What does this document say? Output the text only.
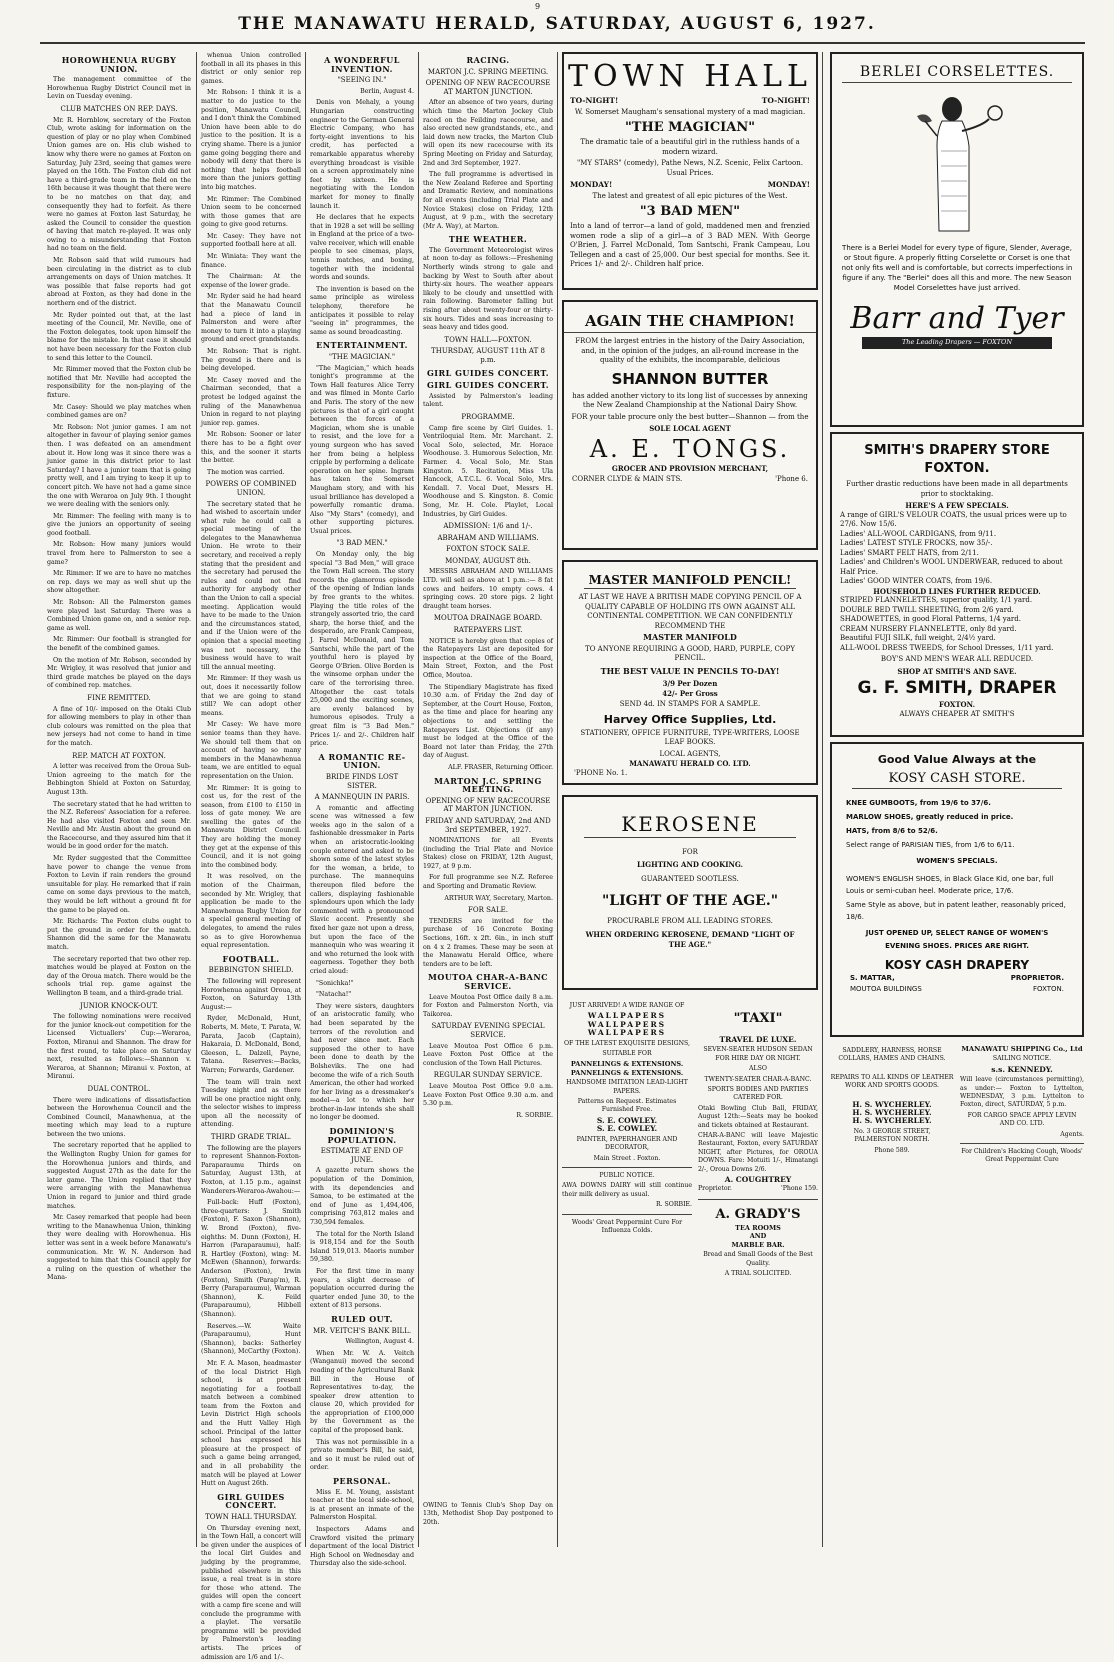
THE MANAWATU HERALD, SATURDAY, AUGUST 6, 1927.
9
HOROWHENUA RUGBY UNION.

The management committee of the Horowhenua Rugby District Council met in Levin on Tuesday evening.

CLUB MATCHES ON REP. DAYS.

Mr. R. Hornblow, secretary of the Foxton Club, wrote asking for information on the question of play or no play when Combined Union games are on. His club wished to know why there were no games at Foxton on Saturday, July 23rd, seeing that games were played on the 16th. The Foxton club did not have a third-grade team in the field on the 16th because it was thought that there were to be no matches on that day, and consequently they had to forfeit. As there were no games at Foxton last Saturday, he asked the Council to consider the question of having that match re-played. It was only owing to a misunderstanding that Foxton had no team on the field.

Mr. Robson said that wild rumours had been circulating in the district as to club arrangements on days of Union matches. It was possible that false reports had got abroad at Foxton, as they had done in the northern end of the district.

Mr. Ryder pointed out that, at the last meeting of the Council, Mr. Neville, one of the Foxton delegates, took upon himself the blame for the mistake. In that case it should not have been necessary for the Foxton club to send this letter to the Council.

Mr. Rimmer moved that the Foxton club be notified that Mr. Neville had accepted the responsibility for the non-playing of the fixture.

Mr. Casey: Should we play matches when combined games are on?

Mr. Robson: Not junior games. I am not altogether in favour of playing senior games then. I was defeated on an amendment about it. How long was it since there was a junior game in this district prior to last Saturday? I have a junior team that is going pretty well, and I am trying to keep it up to concert pitch. We have not had a game since the one with Weraroa on July 9th. I thought we were dealing with the seniors only.

Mr. Rimmer: The feeling with many is to give the juniors an opportunity of seeing good football.

Mr. Robson: How many juniors would travel from here to Palmerston to see a game?

Mr. Rimmer: If we are to have no matches on rep. days we may as well shut up the show altogether.

Mr. Robson: All the Palmerston games were played last Saturday. There was a Combined Union game on, and a senior rep. game as well.

Mr. Rimmer: Our football is strangled for the benefit of the combined games.

On the motion of Mr. Robson, seconded by Mr. Wrigley, it was resolved that junior and third grade matches be played on the days of combined rep. matches.

FINE REMITTED.

A fine of 10/- imposed on the Otaki Club for allowing members to play in other than club colours was remitted on the plea that new jerseys had not come to hand in time for the match.

REP. MATCH AT FOXTON.

A letter was received from the Oroua Sub-Union agreeing to the match for the Bebbington Shield at Foxton on Saturday, August 13th.

The secretary stated that he had written to the N.Z. Referees' Association for a referee. He had also visited Foxton and seen Mr. Neville and Mr. Austin about the ground on the Racecourse, and they assured him that it would be in good order for the match.

Mr. Ryder suggested that the Committee have power to change the venue from Foxton to Levin if rain renders the ground unsuitable for play. He remarked that if rain came on some days previous to the match, they would be left without a ground fit for the game to be played on.

Mr. Richards: The Foxton clubs ought to put the ground in order for the match. Shannon did the same for the Manawatu match.

The secretary reported that two other rep. matches would be played at Foxton on the day of the Oroua match. There would be the schools trial rep. game against the Wellington B team, and a third-grade trial.

JUNIOR KNOCK-OUT.

The following nominations were received for the junior knock-out competition for the Licensed Victuallers' Cup:—Weraroa, Foxton, Miranui and Shannon. The draw for the first round, to take place on Saturday next, resulted as follows:—Shannon v. Weraroa, at Shannon; Miranui v. Foxton, at Miranui.

DUAL CONTROL.

There were indications of dissatisfaction between the Horowhenua Council and the Combined Council, Manawhenua, at the meeting which may lead to a rupture between the two unions.

The secretary reported that he applied to the Wellington Rugby Union for games for the Horowhenua juniors and thirds, and suggested August 27th as the date for the later game. The Union replied that they were arranging with the Manawhenua Union in regard to junior and third grade matches.

Mr. Casey remarked that people had been writing to the Manawhenua Union, thinking they were dealing with Horowhenua. His letter was sent in a week before Manawatu's communication. Mr. W. N. Anderson had suggested to him that this Council apply for a ruling on the question of whether the Mana-

whenua Union controlled football in all its phases in this district or only senior rep games.

Mr. Robson: I think it is a matter to do justice to the position, Manawatu Council, and I don't think the Combined Union have been able to do justice to the position. It is a crying shame. There is a junior game going begging there and nobody will deny that there is nothing that helps football more than the juniors getting into big matches.

Mr. Rimmer: The Combined Union seem to be concerned with those games that are going to give good returns.

Mr. Casey: They have not supported football here at all.

Mr. Winiata: They want the finance.

The Chairman: At the expense of the lower grade.

Mr. Ryder said he had heard that the Manawatu Council had a piece of land in Palmerston and were after money to turn it into a playing ground and erect grandstands.

Mr. Robson: That is right. The ground is there and is being developed.

Mr. Casey moved and the Chairman seconded, that a protest be lodged against the ruling of the Manawhenua Union in regard to not playing junior rep. games.

Mr. Robson: Sooner or later there has to be a fight over this, and the sooner it starts the better.

The motion was carried.

POWERS OF COMBINED UNION.

The secretary stated that he had wished to ascertain under what rule he could call a special meeting of the delegates to the Manawhenua Union. He wrote to their secretary, and received a reply stating that the president and the secretary had perused the rules and could not find authority for anybody other than the Union to call a special meeting. Application would have to be made to the Union and the circumstances stated, and if the Union were of the opinion that a special meeting was not necessary, the business would have to wait till the annual meeting.

Mr. Rimmer: If they wash us out, does it necessarily follow that we are going to stand still? We can adopt other means.

Mr Casey: We have more senior teams than they have. We should tell them that on account of having so many members in the Manawhenua team, we are entitled to equal representation on the Union.

Mr. Rimmer: It is going to cost us, for the rest of the season, from £100 to £150 in loss of gate money. We are swelling the gates of the Manawatu District Council. They are holding the money they get at the expense of this Council, and it is not going into the combined body.

It was resolved, on the motion of the Chairman, seconded by Mr. Wrigley, that application be made to the Manawhenua Rugby Union for a special general meeting of delegates, to amend the rules so as to give Horowhenua equal representation.

FOOTBALL.
BEBBINGTON SHIELD.

The following will represent Horowhenua against Oroua, at Foxton, on Saturday 13th August:—

Ryder, McDonald, Hunt, Roberts, M. Mete, T. Parata, W. Parata, Jacob (Captain), Hakaraia, D. McDonald, Bond, Gleeson, L. Dalzell, Payne, Tatana. Reserves:—Backs, Warren; Forwards, Gardener.

The team will train next Tuesday night and as there will be one practice night only, the selector wishes to impress upon all the necessity of attending.

THIRD GRADE TRIAL.

The following are the players to represent Shannon-Foxton-Paraparaumu Thirds on Saturday, August 13th, at Foxton, at 1.15 p.m., against Wanderers-Weraroa-Awahou:—

Full-back: Huff (Foxton), three-quarters: J. Smith (Foxton), F. Saxon (Shannon), W. Brond (Foxton), five-eighths: M. Dunn (Foxton), H. Harron (Paraparaumu), half: R. Hartley (Foxton), wing: M. McEwen (Shannon), forwards: Anderson (Foxton), Irwin (Foxton), Smith (Parap'm), R. Berry (Paraparaumu), Warman (Shannon), K. Feild (Paraparaumu), Hibbell (Shannon).

Reserves.—W. Waite (Paraparaumu), Hunt (Shannon), backs: Satherley (Shannon), McCarthy (Foxton).

Mr. F. A. Mason, headmaster of the local District High school, is at present negotiating for a football match between a combined team from the Foxton and Levin District High schools and the Hutt Valley High school. Principal of the latter school has expressed his pleasure at the prospect of such a game being arranged, and in all probability the match will be played at Lower Hutt on August 26th.

GIRL GUIDES CONCERT.
TOWN HALL THURSDAY.

On Thursday evening next, in the Town Hall, a concert will be given under the auspices of the local Girl Guides and judging by the programme, published elsewhere in this issue, a real treat is in store for those who attend. The guides will open the concert with a camp fire scene and will conclude the programme with a playlet. The versatile programme will be provided by Palmerston's leading artists. The prices of admission are 1/6 and 1/-.

A WONDERFUL INVENTION.
"SEEING IN."

Berlin, August 4.

Denis von Mehaly, a young Hungarian constructing engineer to the German General Electric Company, who has forty-eight inventions to his credit, has perfected a remarkable apparatus whereby everything broadcast is visible on a screen approximately nine feet by sixteen. He is negotiating with the London market for money to finally launch it.

He declares that he expects that in 1928 a set will be selling in England at the price of a two-valve receiver, which will enable people to see cinemas, plays, tennis matches, and boxing, together with the incidental words and sounds.

The invention is based on the same principle as wireless telephony, therefore he anticipates it possible to relay "seeing in" programmes, the same as sound broadcasting.

ENTERTAINMENT.
"THE MAGICIAN."

"The Magician," which heads tonight's programme at the Town Hall features Alice Terry and was filmed in Monte Carlo and Paris. The story of the new pictures is that of a girl caught between the forces of a Magician, whom she is unable to resist, and the love for a young surgeon who has saved her from being a helpless cripple by performing a delicate operation on her spine. Ingram has taken the Somerset Maugham story, and with his usual brilliance has developed a powerfully romantic drama. Also "My Stars" (comedy), and other supporting pictures. Usual prices.

"3 BAD MEN."

On Monday only, the big special "3 Bad Men," will grace the Town Hall screen. The story records the glamorous episode of the opening of Indian lands by free grants to the whites. Playing the title roles of the strangely assorted trio, the card sharp, the horse thief, and the desperado, are Frank Campeau, J. Farrel McDonald, and Tom Santschi, while the part of the youthful hero is played by George O'Brien. Olive Borden is the winsome orphan under the care of the terrorising three. Altogether the cast totals 25,000 and the exciting scenes, are evenly balanced by humorous episodes. Truly a great film is "3 Bad Men." Prices 1/- and 2/-. Children half price.

A ROMANTIC RE-UNION.
BRIDE FINDS LOST SISTER.
A MANNEQUIN IN PARIS.

A romantic and affecting scene was witnessed a few weeks ago in the salon of a fashionable dressmaker in Paris when an aristocratic-looking couple entered and asked to be shown some of the latest styles for the woman, a bride, to purchase. The mannequins thereupon filed before the callers, displaying fashionable splendours upon which the lady commented with a pronounced Slavic accent. Presently she fixed her gaze not upon a dress, but upon the face of the mannequin who was wearing it and who returned the look with eagerness. Together they both cried aloud:

"Sonichka!"

"Natacha!"

They were sisters, daughters of an aristocratic family, who had been separated by the terrors of the revolution and had never since met. Each supposed the other to have been done to death by the Bolsheviks. The one had become the wife of a rich South American, the other had worked for her living as a dressmaker's model—a lot to which her brother-in-law intends she shall no longer be doomed.

DOMINION'S POPULATION.
ESTIMATE AT END OF JUNE.

A gazette return shows the population of the Dominion, with its dependencies and Samoa, to be estimated at the end of June as 1,494,406, comprising 763,812 males and 730,594 females.

The total for the North Island is 918,154 and for the South Island 519,013. Maoris number 59,380.

For the first time in many years, a slight decrease of population occurred during the quarter ended June 30, to the extent of 813 persons.

RULED OUT.
MR. VEITCH'S BANK BILL.

Wellington, August 4.

When Mr. W. A. Veitch (Wanganui) moved the second reading of the Agricultural Bank Bill in the House of Representatives to-day, the speaker drew attention to clause 20, which provided for the appropriation of £100,000 by the Government as the capital of the proposed bank.

This was not permissible in a private member's Bill, he said, and so it must be ruled out of order.

PERSONAL.

Miss E. M. Young, assistant teacher at the local side-school, is at present an inmate of the Palmerston Hospital.

Inspectors Adams and Crawford visited the primary department of the local District High School on Wednesday and Thursday also the side-school.

RACING.
MARTON J.C. SPRING MEETING.
OPENING OF NEW RACECOURSE AT MARTON JUNCTION.

After an absence of two years, during which time the Marton Jockey Club raced on the Feilding racecourse, and also erected new grandstands, etc., and laid down new tracks, the Marton Club will open its new racecourse with its Spring Meeting on Friday and Saturday, 2nd and 3rd September, 1927.

The full programme is advertised in the New Zealand Referee and Sporting and Dramatic Review, and nominations for all events (including Trial Plate and Novice Stakes) close on Friday, 12th August, at 9 p.m., with the secretary (Mr A. Way), at Marton.

THE WEATHER.

The Government Meteorologist wires at noon to-day as follows:—Freshening Northerly winds strong to gale and backing by West to South after about thirty-six hours. The weather appears likely to be cloudy and unsettled with rain following. Barometer falling but rising after about twenty-four or thirty-six hours. Tides and seas increasing to seas heavy and tides good.

TOWN HALL—FOXTON.
THURSDAY, AUGUST 11th AT 8 p.m.
GIRL GUIDES CONCERT.
GIRL GUIDES CONCERT.

Assisted by Palmerston's leading talent.

PROGRAMME.

Camp fire scene by Girl Guides. 1. Ventriloquial Item. Mr. Marchant. 2. Vocal Solo, selected, Mr. Horace Woodhouse. 3. Humorous Selection, Mr. Farmer. 4. Vocal Solo, Mr. Stan Kingston. 5. Recitation, Miss Ula Hancock, A.T.C.L. 6. Vocal Solo, Mrs. Kendall. 7. Vocal Duet, Messrs H. Woodhouse and S. Kingston. 8. Comic Song, Mr. H. Cole. Playlet, Local Industries, by Girl Guides.

ADMISSION: 1/6 and 1/-.
ABRAHAM AND WILLIAMS.
FOXTON STOCK SALE.
MONDAY, AUGUST 8th.

MESSRS ABRAHAM AND WILLIAMS LTD. will sell as above at 1 p.m.:— 8 fat cows and heifers. 10 empty cows. 4 springing cows. 20 store pigs. 2 light draught team horses.

MOUTOA DRAINAGE BOARD.
RATEPAYERS LIST.

NOTICE is hereby given that copies of the Ratepayers List are deposited for inspection at the Office of the Board, Main Street, Foxton, and the Post Office, Moutoa.

The Stipendiary Magistrate has fixed 10.30 a.m. of Friday the 2nd day of September, at the Court House, Foxton, as the time and place for hearing any objections to and settling the Ratepayers List. Objections (if any) must be lodged at the Office of the Board not later than Friday, the 27th day of August.

ALF. FRASER, Returning Officer.

MARTON J.C. SPRING MEETING.
OPENING OF NEW RACECOURSE AT MARTON JUNCTION.
FRIDAY AND SATURDAY, 2nd AND 3rd SEPTEMBER, 1927.

NOMINATIONS for all Events (including the Trial Plate and Novice Stakes) close on FRIDAY, 12th August, 1927, at 9 p.m.

For full programme see N.Z. Referee and Sporting and Dramatic Review.

ARTHUR WAY, Secretary, Marton.

FOR SALE.

TENDERS are invited for the purchase of 16 Concrete Boxing Sections, 16ft. x 2ft. 6in., in inch stuff on 4 x 2 frames. These may be seen at the Manawatu Herald Office, where tenders are to be left.

MOUTOA CHAR-A-BANC SERVICE.

Leave Moutoa Post Office daily 8 a.m. for Foxton and Palmerston North, via Taikorea.

SATURDAY EVENING SPECIAL SERVICE.

Leave Moutoa Post Office 6 p.m. Leave Foxton Post Office at the conclusion of the Town Hall Pictures.

REGULAR SUNDAY SERVICE.

Leave Moutoa Post Office 9.0 a.m. Leave Foxton Post Office 9.30 a.m. and 5.30 p.m.

R. SORBIE.

TOWN HALL
TO-NIGHT!	TO-NIGHT!

W. Somerset Maugham's sensational mystery of a mad magician.

"THE MAGICIAN"

The dramatic tale of a beautiful girl in the ruthless hands of a modern wizard.

"MY STARS" (comedy), Pathe News, N.Z. Scenic, Felix Cartoon. Usual Prices.

MONDAY!	MONDAY!

The latest and greatest of all epic pictures of the West.

"3 BAD MEN"

Into a land of terror—a land of gold, maddened men and frenzied women rode a slip of a girl—a of 3 BAD MEN. With George O'Brien, J. Farrel McDonald, Tom Santschi, Frank Campeau, Lou Tellegen and a cast of 25,000. Our best special for months. See it. Prices 1/- and 2/-. Children half price.

AGAIN THE CHAMPION!

FROM the largest entries in the history of the Dairy Association, and, in the opinion of the judges, an all-round increase in the quality of the exhibits, the incomparable, delicious

SHANNON BUTTER

has added another victory to its long list of successes by annexing the New Zealand Championship at the National Dairy Show.

FOR your table procure only the best butter—Shannon — from the

SOLE LOCAL AGENT
A. E. TONGS.
GROCER AND PROVISION MERCHANT,
CORNER CLYDE & MAIN STS.	'Phone 6.
MASTER MANIFOLD PENCIL!

AT LAST WE HAVE A BRITISH MADE COPYING PENCIL OF A QUALITY CAPABLE OF HOLDING ITS OWN AGAINST ALL CONTINENTAL COMPETITION. WE CAN CONFIDENTLY RECOMMEND THE

MASTER MANIFOLD

TO ANYONE REQUIRING A GOOD, HARD, PURPLE, COPY PENCIL.

THE BEST VALUE IN PENCILS TO-DAY!
3/9 Per Dozen
42/- Per Gross

SEND 4d. IN STAMPS FOR A SAMPLE.

Harvey Office Supplies, Ltd.

STATIONERY, OFFICE FURNITURE, TYPE-WRITERS, LOOSE LEAF BOOKS.

LOCAL AGENTS,
MANAWATU HERALD CO. LTD.
'PHONE No. 1.
KEROSENE

FOR

LIGHTING AND COOKING.

GUARANTEED SOOTLESS.

"LIGHT OF THE AGE."

PROCURABLE FROM ALL LEADING STORES.

WHEN ORDERING KEROSENE, DEMAND "LIGHT OF THE AGE."

JUST ARRIVED! A WIDE RANGE OF

WALLPAPERS
WALLPAPERS
WALLPAPERS

OF THE LATEST EXQUISITE DESIGNS,

SUITABLE FOR

PANNELINGS & EXTENSIONS.
PANNELINGS & EXTENSIONS.

HANDSOME IMITATION LEAD-LIGHT PAPERS.

Patterns on Request. Estimates Furnished Free.

S. E. COWLEY.
S. E. COWLEY.

PAINTER, PAPERHANGER AND DECORATOR,

Main Street . Foxton.

PUBLIC NOTICE.

AWA DOWNS DAIRY will still continue their milk delivery as usual.

R. SORBIE.

Woods' Great Peppermint Cure For Influenza Colds.

"TAXI"
TRAVEL DE LUXE.

SEVEN-SEATER HUDSON SEDAN FOR HIRE DAY OR NIGHT.

ALSO

TWENTY-SEATER CHAR-A-BANC.

SPORTS BODIES AND PARTIES CATERED FOR.

Otaki Bowling Club Ball, FRIDAY, August 12th:—Seats may be booked and tickets obtained at Restaurant.

CHAR-A-BANC will leave Majestic Restaurant, Foxton, every SATURDAY NIGHT, after Pictures, for OROUA DOWNS. Fare: Motuiti 1/-, Himatangi 2/-, Oroua Downs 2/6.

A. COUGHTREY
Proprietor.	'Phone 159.
A. GRADY'S
TEA ROOMS
AND
MARBLE BAR.

Bread and Small Goods of the Best Quality.

A TRIAL SOLICITED.

BERLEI CORSELETTES.

There is a Berlei Model for every type of figure, Slender, Average, or Stout figure. A properly fitting Corselette or Corset is one that not only fits well and is comfortable, but corrects imperfections in figure if any. The "Berlei" does all this and more. The new Season Model Corselettes have just arrived.

Barr and Tyer
The Leading Drapers — FOXTON
SMITH'S DRAPERY STORE
FOXTON.

Further drastic reductions have been made in all departments prior to stocktaking.

HERE'S A FEW SPECIALS.
A range of GIRL'S VELOUR COATS, the usual prices were up to 27/6. Now 15/6.
Ladies' ALL-WOOL CARDIGANS, from 9/11.
Ladies' LATEST STYLE FROCKS, now 35/-.
Ladies' SMART FELT HATS, from 2/11.
Ladies' and Children's WOOL UNDERWEAR, reduced to about Half Price.
Ladies' GOOD WINTER COATS, from 19/6.
HOUSEHOLD LINES FURTHER REDUCED.
STRIPED FLANNELETTES, superior quality, 1/1 yard.
DOUBLE BED TWILL SHEETING, from 2/6 yard.
SHADOWETTES, in good Floral Patterns, 1/4 yard.
CREAM NURSERY FLANNELETTE, only 8d yard.
Beautiful FUJI SILK, full weight, 2/4½ yard.
ALL-WOOL DRESS TWEEDS, for School Dresses, 1/11 yard.

BOY'S AND MEN'S WEAR ALL REDUCED.

SHOP AT SMITH'S AND SAVE.
G. F. SMITH, DRAPER
FOXTON.
ALWAYS CHEAPER AT SMITH'S
Good Value Always at the
KOSY CASH STORE.

KNEE GUMBOOTS, from 19/6 to 37/6.

MARLOW SHOES, greatly reduced in price.

HATS, from 8/6 to 52/6.

Select range of PARISIAN TIES, from 1/6 to 6/11.

WOMEN'S SPECIALS.

WOMEN'S ENGLISH SHOES, in Black Glace Kid, one bar, full Louis or semi-cuban heel. Moderate price, 17/6.

Same Style as above, but in patent leather, reasonably priced, 18/6.

JUST OPENED UP, SELECT RANGE OF WOMEN'S
EVENING SHOES. PRICES ARE RIGHT.
KOSY CASH DRAPERY
S. MATTAR,	PROPRIETOR.
MOUTOA BUILDINGS	FOXTON.

SADDLERY, HARNESS, HORSE COLLARS, HAMES AND CHAINS.

REPAIRS TO ALL KINDS OF LEATHER WORK AND SPORTS GOODS.

H. S. WYCHERLEY.
H. S. WYCHERLEY.
H. S. WYCHERLEY.

No. 3 GEORGE STREET, PALMERSTON NORTH.

Phone 589.

MANAWATU SHIPPING Co., Ltd

SAILING NOTICE.

s.s. KENNEDY.

Will leave (circumstances permitting), as under:— Foxton to Lyttelton, WEDNESDAY, 3 p.m. Lyttelton to Foxton, direct, SATURDAY, 5 p.m.

FOR CARGO SPACE APPLY LEVIN AND CO. LTD.

Agents.

For Children's Hacking Cough, Woods' Great Peppermint Cure

OWING to Tennis Club's Shop Day on 13th, Methodist Shop Day postponed to 20th.
